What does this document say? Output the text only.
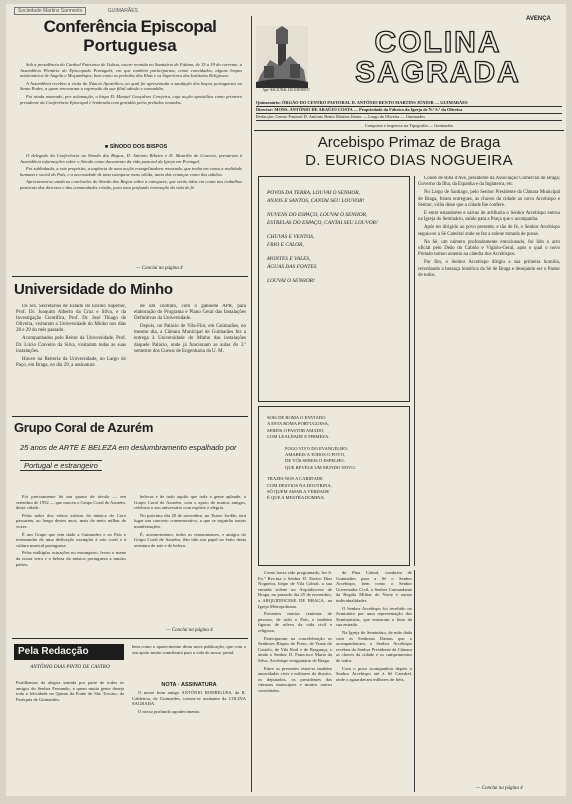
Sociedade Martins Sarmento	GUIMARÃES
Conferência Episcopal
Portuguesa

Sob a presidência do Cardeal Patriarca de Lisboa, esteve reunida no Santuário de Fátima, de 15 a 19 do corrente, a Assembleia Plenária do Episcopado Português, em que também participaram, como convidados, alguns bispos missionários de Angola e Moçambique, bem como os prelados das Ilhas e os Superiores dos Institutos Religiosos.

A Assembleia recebeu a visita do Núncio Apostólico, ao qual foi apresentada a saudação dos bispos portugueses ao Santo Padre, a quem renovaram a expressão da sua filial adesão e comunhão.

Foi ainda nomeado, por aclamação, o bispo D. Manuel Gonçalves Cerejeira, cuja acção apostólica como primeiro presidente da Conferência Episcopal é lembrada com gratidão pelos prelados reunidos.

■ SÍNODO DOS BISPOS

O delegado da Conferência ao Sínodo dos Bispos, D. António Ribeiro e D. Maurílio de Gouveia, prestaram à Assembleia informações sobre o Sínodo como documento da vida pastoral da Igreja em Portugal.

Foi sublinhada, a este propósito, a urgência de uma acção evangelizadora renovada, que tenha em conta a realidade humana e social do País, e a necessidade de uma catequese mais sólida, tanto das crianças como dos adultos.

Apreciaram-se ainda as conclusões do Sínodo dos Bispos sobre a catequese, que serão tidas em conta nos trabalhos pastorais das dioceses e das comunidades cristãs, para uma profunda renovação da vida de fé.

— Conclui na página 4
Universidade do Minho

Os Srs. Secretários de Estado do Ensino Superior, Prof. Dr. Joaquim Alberto da Cruz e Silva, e da Investigação Científica, Prof. Dr. José Thiago de Oliveira, visitaram a Universidade do Minho nos dias 28 e 29 do mês passado.

Acompanhados pelo Reitor da Universidade, Prof. Dr. Lúcio Craveiro da Silva, visitaram todas as suas instalações.

Houve na Reitoria da Universidade, no Largo do Paço, em Braga, no dia 29, a assinatura

de um contrato, com o gabinete APR, para elaboração do Programa e Plano Geral das Instalações Definitivas da Universidade.

Depois, no Palácio de Vila-Flor, em Guimarães, no mesmo dia, a Câmara Municipal de Guimarães fez a entrega à Universidade do Minho das instalações daquele Palácio, onde já funcionam as aulas do 3.º semestre dos Cursos de Engenharia da U. M.

Grupo Coral de Azurém
25 anos de ARTE E BELEZA em deslumbramento espalhado por
Portugal e estrangeiro

Foi precisamente há um quarto de século — em setembro de 1952 — que nasceu o Grupo Coral de Azurém, desta cidade.

Pelas mãos dos vários artistas da música do Coro passaram, ao longo destes anos, mais de meio milhar de vozes.

É um Grupo que tem dado a Guimarães e ao País o testemunho de uma dedicação exemplar à arte coral e à cultura musical portuguesa.

Pelas múltiplas actuações no estrangeiro, levou o nome da nossa terra e a beleza da música portuguesa a muitos países.

belecas e de tudo aquilo que toda a gente aplaude, o Grupo Coral de Azurém, com o apoio de muitos amigos, celebrou o seu aniversário com espírito e alegria.

No próximo dia 20 de novembro, no Teatro Jordão, terá lugar um concerto comemorativo, a que se seguirão outras manifestações.

É, acontecimento, todos os vimaranenses, e amigos do Grupo Coral de Azurém, têm tido um papel no êxito desta aventura de arte e de beleza.

— Conclui na página 4
Pela Redacção
ANTÓNIO DIAS PINTO DE CASTRO
Partilhamos da alegria sentida por parte de todos os amigos do Senhor Fernando, a quem muita gente deseja toda a felicidade na Quinta da Fonte de São Torcato, da Paróquia de Guimarães.
bem como o aparecimento desta nova publicação, que com o seu apoio muito contribuirá para a vida do nosso jornal.
NOTA · ASSINATURA

O nosso bom amigo ANTÓNIO RODRIGUES, da R. Caldeiroa, de Guimarães, tornou-se assinante da COLINA SAGRADA.

O nosso profundo agradecimento.

AVENÇA
Agir NACIONAL DO ESPÍRITO
COLINA
SAGRADA
Quinzenário: ÓRGÃO DO CENTRO PASTORAL D. ANTÓNIO BENTO MARTINS JÚNIOR — GUIMARÃES
Director: MONS. ANTÓNIO DE ARAÚJO COSTA — Propriedade da Fábrica da Igreja de N.ª S.ª da Oliveira
Redacção: Centro Pastoral D. António Bento Martins Júnior — Largo da Oliveira — Guimarães
Composto e impresso na Tipografia — Guimarães
Arcebispo Primaz de Braga
D. EURICO DIAS NOGUEIRA
POVOS DA TERRA, LOUVAI O SENHOR,
ANJOS E SANTOS, CANTAI SEU LOUVOR!
NUVENS DO ESPAÇO, LOUVAI O SENHOR,
ESTRELAS DO ESPAÇO, CANTAI SEU LOUVOR!
CHUVAS E VENTOS,
FRIO E CALOR,
MONTES E VALES,
ÁGUAS DAS FONTES
LOUVAI O SENHOR!
SOIS DE ROMA O ENVIADO
A ESTA ROMA PORTUGUESA,
SEREIS O PASTOR AMADO,
COM LEALDADE E FIRMEZA.
FOGO VIVO DO EVANGELHO,
AMAREIS A TODOS O POVO,
DE VÓS SEREIS O ESPELHO,
QUE REVELE UM MUNDO NOVO.
TRAZEI-NOS A CARIDADE
COM DESVIOS NA DOUTRINA,
SÓ QUEM AMAR A VERDADE
É QUE A MESTRA DOMINA.

Conde de Riba d'Ave, presidente da Associação Comercial de Braga; Governo da Ilha, da Espanha e da Inglaterra, etc.

No Largo de Santiago, pelo Senhor Presidente da Câmara Municipal de Braga, foram entregues, as chaves da cidade ao novo Arcebispo e Senhor, virão disse que a cidade lhe confere.

E entre estandartes e salvas de artilharia o Senhor Arcebispo entrou na Igreja do Seminário, saúdo para a Praça que o acompanha.

Após ter dirigido ao povo presente, e tão de fé, o Senhor Arcebispo seguiu-se a Sé Catedral onde se fez a solene tomada de posse.

Na Sé, um número profundamente emocionado, foi lido o acto oficial pelo Deão do Cabido e Vigário-Geral, após o qual o novo Prelado tomou assento na cátedra dos Arcebispos.

Por fim, o Senhor Arcebispo dirigiu a sua primeira homilia, recordando a herança histórica da Sé de Braga e desejando ser o Pastor de todos.

Como havia sido programado, fez S. Ex.ª Rev.ma o Senhor D. Eurico Dias Nogueira, bispo de Vila Cabral, a sua entrada solene na Arquidiocese de Braga, no passado dia 25 de novembro, a ARQUIDIOCESE DE BRAGA, na Igreja Metropolitana.

Presentes muitas centenas de pessoas, de todo o País, e também figuras de relevo da vida civil e religiosa.

Participaram na concelebração os Senhores Bispos do Porto, de Viana do Castelo, de Vila Real e de Bragança, e ainda o Senhor D. Francisco Maria da Silva, Arcebispo resignatário de Braga.

Entre os presentes viam-se também autoridades civis e militares do distrito, os deputados, os presidentes das câmaras municipais e muitos outros convidados.

de Pina Cabral, conduziu de Guimarães para a Sé o Senhor Arcebispo, bem como o Senhor Governador Civil, o Senhor Comandante da Região Militar do Norte e outras individualidades.

O Senhor Arcebispo foi recebido no Seminário por uma representação dos Seminaristas, que entoaram o hino da sua entrada.

Na Igreja do Seminário, de mão dada com as Senhoras Damas que o acompanhavam, o Senhor Arcebispo recebeu do Senhor Presidente da Câmara as chaves da cidade e os cumprimentos de todos.

Com o povo acompanhou depois o Senhor Arcebispo até à Sé Catedral, onde o aguardavam milhares de fiéis.

— Conclui na página 4
